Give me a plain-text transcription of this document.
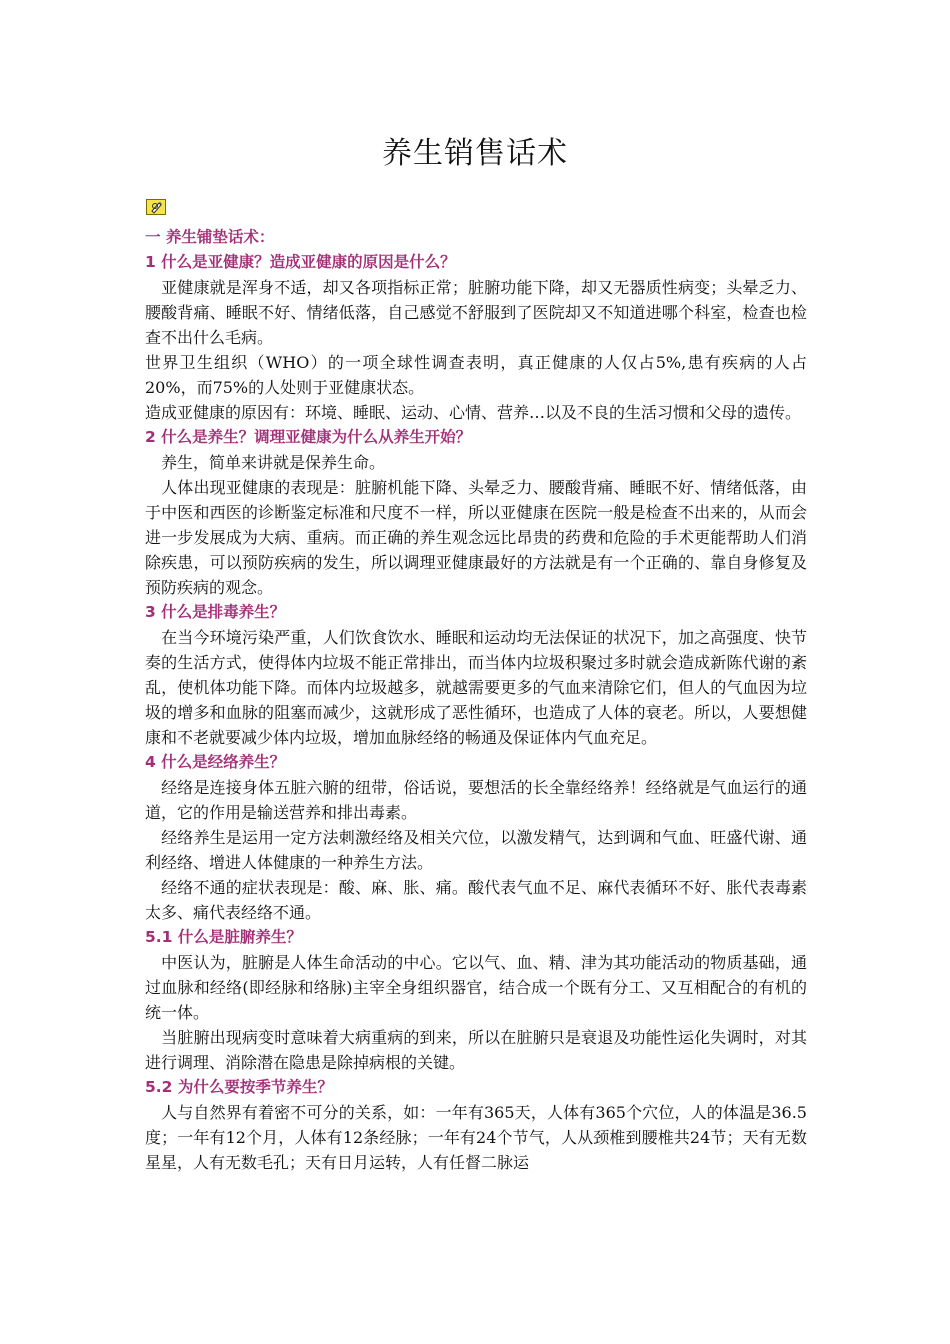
养生销售话术
一 养生铺垫话术：
1 什么是亚健康？造成亚健康的原因是什么？

　亚健康就是浑身不适，却又各项指标正常；脏腑功能下降，却又无器质性病变；头晕乏力、腰酸背痛、睡眠不好、情绪低落，自己感觉不舒服到了医院却又不知道进哪个科室，检查也检查不出什么毛病。

世界卫生组织（WHO）的一项全球性调查表明，真正健康的人仅占5%,患有疾病的人占20%，而75%的人处则于亚健康状态。

造成亚健康的原因有：环境、睡眠、运动、心情、营养…以及不良的生活习惯和父母的遗传。

2 什么是养生？调理亚健康为什么从养生开始？

　养生，简单来讲就是保养生命。

　人体出现亚健康的表现是：脏腑机能下降、头晕乏力、腰酸背痛、睡眠不好、情绪低落，由于中医和西医的诊断鉴定标准和尺度不一样，所以亚健康在医院一般是检查不出来的，从而会进一步发展成为大病、重病。而正确的养生观念远比昂贵的药费和危险的手术更能帮助人们消除疾患，可以预防疾病的发生，所以调理亚健康最好的方法就是有一个正确的、靠自身修复及预防疾病的观念。

3 什么是排毒养生？

　在当今环境污染严重，人们饮食饮水、睡眠和运动均无法保证的状况下，加之高强度、快节奏的生活方式，使得体内垃圾不能正常排出，而当体内垃圾积聚过多时就会造成新陈代谢的紊乱，使机体功能下降。而体内垃圾越多，就越需要更多的气血来清除它们，但人的气血因为垃圾的增多和血脉的阻塞而减少，这就形成了恶性循环，也造成了人体的衰老。所以，人要想健康和不老就要减少体内垃圾，增加血脉经络的畅通及保证体内气血充足。

4 什么是经络养生？

　经络是连接身体五脏六腑的纽带，俗话说，要想活的长全靠经络养！经络就是气血运行的通道，它的作用是输送营养和排出毒素。

　经络养生是运用一定方法刺激经络及相关穴位，以激发精气，达到调和气血、旺盛代谢、通利经络、增进人体健康的一种养生方法。

　经络不通的症状表现是：酸、麻、胀、痛。酸代表气血不足、麻代表循环不好、胀代表毒素太多、痛代表经络不通。

5.1 什么是脏腑养生？

　中医认为，脏腑是人体生命活动的中心。它以气、血、精、津为其功能活动的物质基础，通过血脉和经络(即经脉和络脉)主宰全身组织器官，结合成一个既有分工、又互相配合的有机的统一体。

　当脏腑出现病变时意味着大病重病的到来，所以在脏腑只是衰退及功能性运化失调时，对其进行调理、消除潜在隐患是除掉病根的关键。

5.2 为什么要按季节养生？

　人与自然界有着密不可分的关系，如：一年有365天，人体有365个穴位，人的体温是36.5度；一年有12个月，人体有12条经脉；一年有24个节气，人从颈椎到腰椎共24节；天有无数星星，人有无数毛孔；天有日月运转，人有任督二脉运
